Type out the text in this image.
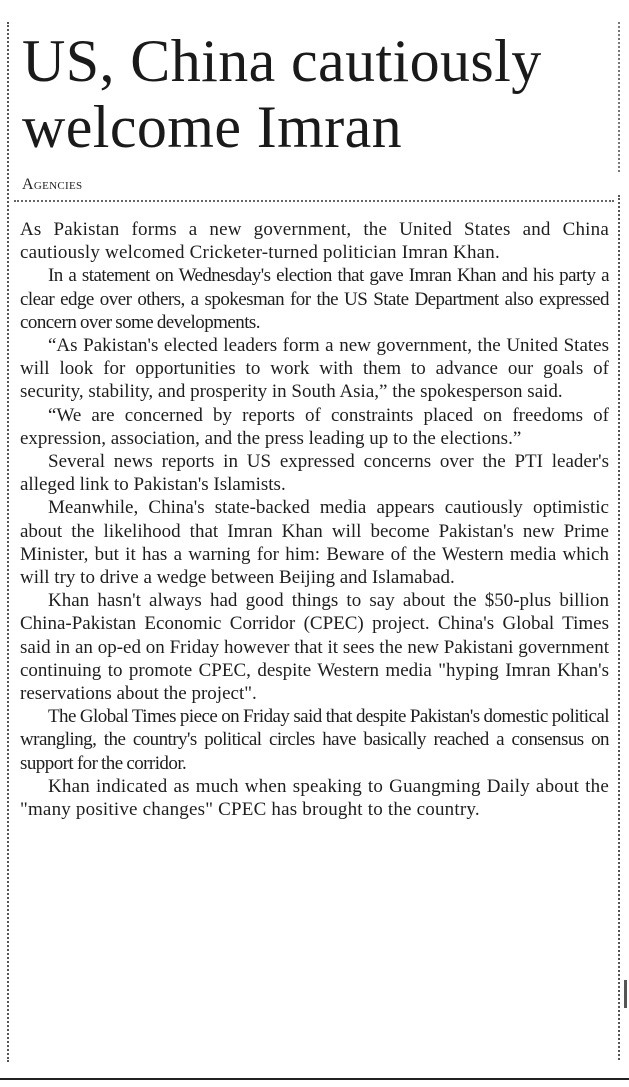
US, China cautiously welcome Imran
Agencies

As Pakistan forms a new government, the United States and China cautiously welcomed Cricketer-turned politician Imran Khan.

In a statement on Wednesday's election that gave Imran Khan and his party a clear edge over others, a spokesman for the US State Department also expressed concern over some developments.

“As Pakistan's elected leaders form a new government, the United States will look for opportunities to work with them to advance our goals of security, stability, and prosperity in South Asia,” the spokesperson said.

“We are concerned by reports of constraints placed on freedoms of expression, association, and the press leading up to the elections.”

Several news reports in US expressed concerns over the PTI leader's alleged link to Pakistan's Islamists.

Meanwhile, China's state-backed media appears cautiously optimistic about the likelihood that Imran Khan will become Pakistan's new Prime Minister, but it has a warning for him: Beware of the Western media which will try to drive a wedge between Beijing and Islamabad.

Khan hasn't always had good things to say about the $50-plus billion China-Pakistan Economic Corridor (CPEC) project. China's Global Times said in an op-ed on Friday however that it sees the new Pakistani government continuing to promote CPEC, despite Western media "hyping Imran Khan's reservations about the project".

The Global Times piece on Friday said that despite Pakistan's domestic political wrangling, the country's political circles have basically reached a consensus on support for the corridor.

Khan indicated as much when speaking to Guangming Daily about the "many positive changes" CPEC has brought to the country.
